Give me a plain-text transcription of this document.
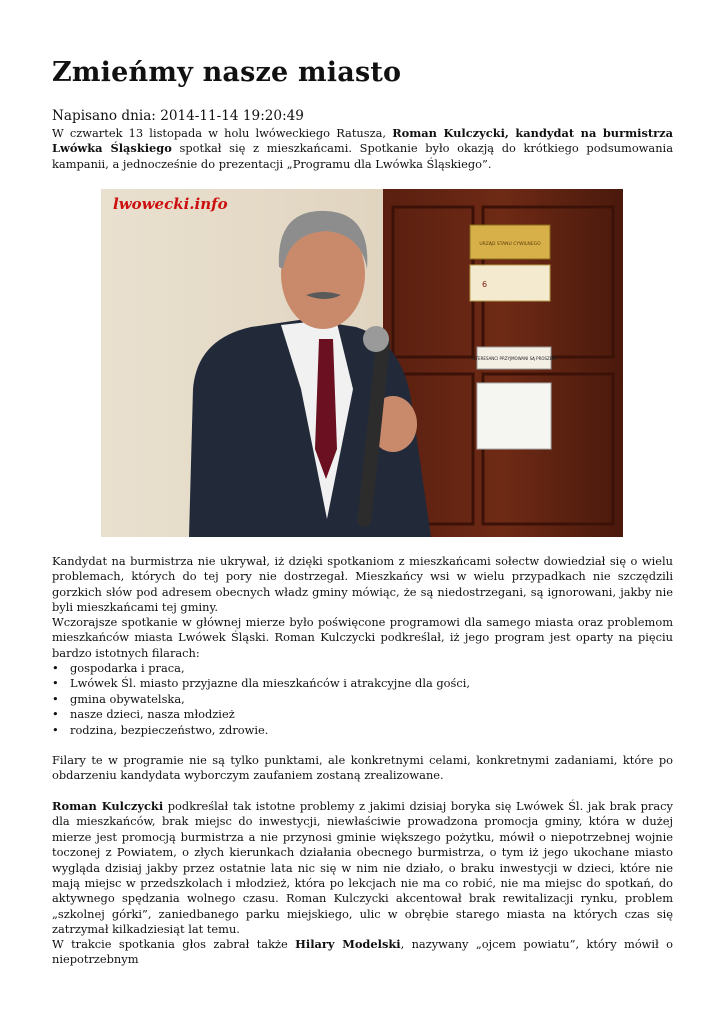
Zmieńmy nasze miasto
Napisano dnia: 2014-11-14 19:20:49

W czwartek 13 listopada w holu lwóweckiego Ratusza, Roman Kulczycki, kandydat na burmistrza Lwówka Śląskiego spotkał się z mieszkańcami. Spotkanie było okazją do krótkiego podsumowania kampanii, a jednocześnie do prezentacji „Programu dla Lwówka Śląskiego”.

URZĄD STANU CYWILNEGO
6
INTERESANCI PRZYJMOWANI SĄ PROSZENI
lwowecki.info

Kandydat na burmistrza nie ukrywał, iż dzięki spotkaniom z mieszkańcami sołectw dowiedział się o wielu problemach, których do tej pory nie dostrzegał. Mieszkańcy wsi w wielu przypadkach nie szczędzili gorzkich słów pod adresem obecnych władz gminy mówiąc, że są niedostrzegani, są ignorowani, jakby nie byli mieszkańcami tej gminy.

Wczorajsze spotkanie w głównej mierze było poświęcone programowi dla samego miasta oraz problemom mieszkańców miasta Lwówek Śląski. Roman Kulczycki podkreślał, iż jego program jest oparty na pięciu bardzo istotnych filarach:

• gospodarka i praca,
• Lwówek Śl. miasto przyjazne dla mieszkańców i atrakcyjne dla gości,
• gmina obywatelska,
• nasze dzieci, nasza młodzież
• rodzina, bezpieczeństwo, zdrowie.

Filary te w programie nie są tylko punktami, ale konkretnymi celami, konkretnymi zadaniami, które po obdarzeniu kandydata wyborczym zaufaniem zostaną zrealizowane.

Roman Kulczycki podkreślał tak istotne problemy z jakimi dzisiaj boryka się Lwówek Śl. jak brak pracy dla mieszkańców, brak miejsc do inwestycji, niewłaściwie prowadzona promocja gminy, która w dużej mierze jest promocją burmistrza a nie przynosi gminie większego pożytku, mówił o niepotrzebnej wojnie toczonej z Powiatem, o złych kierunkach działania obecnego burmistrza, o tym iż jego ukochane miasto wygląda dzisiaj jakby przez ostatnie lata nic się w nim nie działo, o braku inwestycji w dzieci, które nie mają miejsc w przedszkolach i młodzież, która po lekcjach nie ma co robić, nie ma miejsc do spotkań, do aktywnego spędzania wolnego czasu. Roman Kulczycki akcentował brak rewitalizacji rynku, problem „szkolnej górki”, zaniedbanego parku miejskiego, ulic w obrębie starego miasta na których czas się zatrzymał kilkadziesiąt lat temu.

W trakcie spotkania głos zabrał także Hilary Modelski, nazywany „ojcem powiatu”, który mówił o niepotrzebnym
